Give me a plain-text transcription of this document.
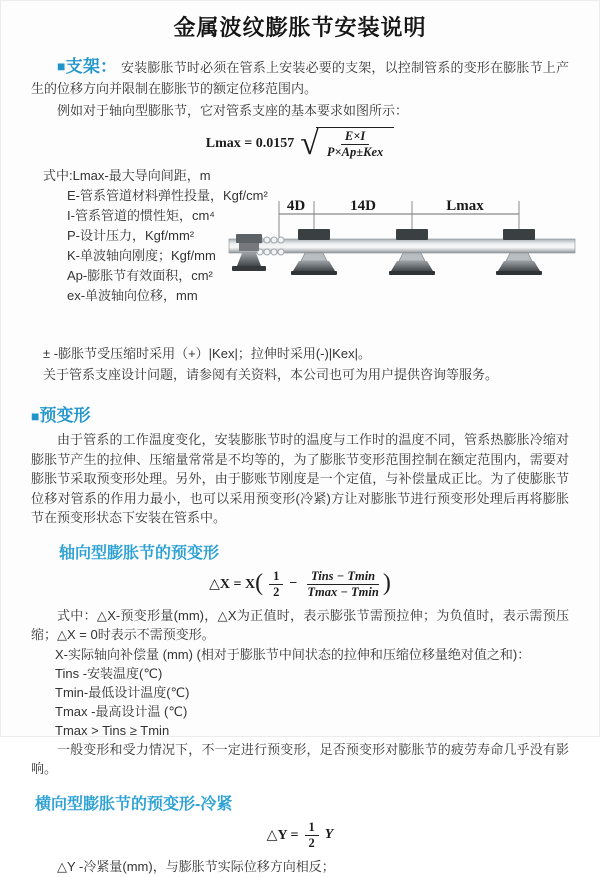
金属波纹膨胀节安装说明

■支架： 安装膨胀节时必须在管系上安装必要的支架，以控制管系的变形在膨胀节上产生的位移方向并限制在膨胀节的额定位移范围内。

例如对于轴向型膨胀节，它对管系支座的基本要求如图所示：

Lmax = 0.0157 √ $\frac{E\times I}{\text{P×Ap±Kex}}$
式中:Lmax-最大导向间距，m
E-管系管道材料弹性投量，Kgf/cm²
I-管系管道的惯性矩，cm⁴
P-设计压力，Kgf/mm²
K-单波轴向刚度；Kgf/mm
Ap-膨胀节有效面积，cm²
ex-单波轴向位移，mm
4D	14D	Lmax
± -膨胀节受压缩时采用（+）|Kex|；拉伸时采用(-)|Kex|。
关于管系支座设计问题，请参阅有关资料，本公司也可为用户提供咨询等服务。
■预变形

由于管系的工作温度变化，安装膨胀节时的温度与工作时的温度不同，管系热膨胀冷缩对膨胀节产生的拉伸、压缩量常常是不均等的，为了膨胀节变形范围控制在额定范围内，需要对膨胀节采取预变形处理。另外，由于膨账节刚度是一个定值，与补偿量成正比。为了使膨胀节位移对管系的作用力最小，也可以采用预变形(冷紧)方让对膨胀节进行预变形处理后再将膨胀节在预变形状态下安装在管系中。

轴向型膨胀节的预变形
△X = X ( $\frac{1}{2} - \frac{\text{Tins − Tmin}}{Tmax - Tmin}$ )

式中：△X-预变形量(mm)，△X为正值时，表示膨张节需预拉伸；为负值时，表示需预压缩；△X = 0时表示不需预变形。

X-实际轴向补偿量 (mm) (相对于膨胀节中间状态的拉伸和压缩位移量绝对值之和)：
Tins -安装温度(℃)
Tmin-最低设计温度(℃)
Tmax -最高设计温 (℃)
Tmax > Tins ≥ Tmin

一般变形和受力情况下，不一定进行预变形，足否预变形对膨胀节的疲劳寿命几乎没有影响。

横向型膨胀节的预变形-冷紧
△Y = $\frac{1}{2}$ Y

△Y -冷紧量(mm)，与膨胀节实际位移方向相反；
